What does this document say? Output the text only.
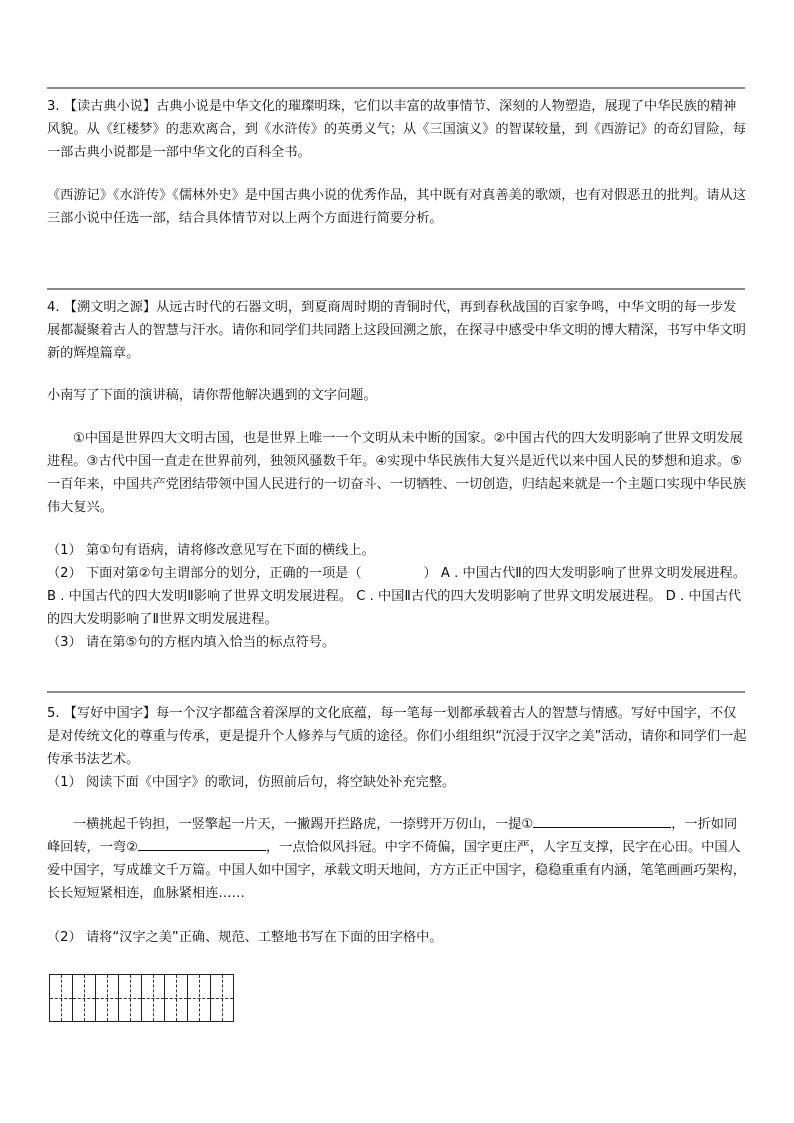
3. 【读古典小说】古典小说是中华文化的璀璨明珠，它们以丰富的故事情节、深刻的人物塑造，展现了中华民族的精神风貌。从《红楼梦》的悲欢离合，到《水浒传》的英勇义气；从《三国演义》的智谋较量，到《西游记》的奇幻冒险，每一部古典小说都是一部中华文化的百科全书。

《西游记》《水浒传》《儒林外史》是中国古典小说的优秀作品，其中既有对真善美的歌颂，也有对假恶丑的批判。请从这三部小说中任选一部，结合具体情节对以上两个方面进行简要分析。

4. 【溯文明之源】从远古时代的石器文明，到夏商周时期的青铜时代，再到春秋战国的百家争鸣，中华文明的每一步发展都凝聚着古人的智慧与汗水。请你和同学们共同踏上这段回溯之旅，在探寻中感受中华文明的博大精深，书写中华文明新的辉煌篇章。

小南写了下面的演讲稿，请你帮他解决遇到的文字问题。

①中国是世界四大文明古国，也是世界上唯一一个文明从未中断的国家。②中国古代的四大发明影响了世界文明发展进程。③古代中国一直走在世界前列，独领风骚数千年。④实现中华民族伟大复兴是近代以来中国人民的梦想和追求。⑤一百年来，中国共产党团结带领中国人民进行的一切奋斗、一切牺牲、一切创造，归结起来就是一个主题口实现中华民族伟大复兴。

（1） 第①句有语病，请将修改意见写在下面的横线上。

（2） 下面对第②句主谓部分的划分，正确的一项是（	） A . 中国古代Ⅱ的四大发明影响了世界文明发展进程。 B . 中国古代的四大发明Ⅱ影响了世界文明发展进程。 C . 中国Ⅱ古代的四大发明影响了世界文明发展进程。 D . 中国古代的四大发明影响了Ⅱ世界文明发展进程。

（3） 请在第⑤句的方框内填入恰当的标点符号。

5. 【写好中国字】每一个汉字都蕴含着深厚的文化底蕴，每一笔每一划都承载着古人的智慧与情感。写好中国字，不仅是对传统文化的尊重与传承，更是提升个人修养与气质的途径。你们小组组织“沉浸于汉字之美”活动，请你和同学们一起传承书法艺术。

（1） 阅读下面《中国字》的歌词，仿照前后句，将空缺处补充完整。

一横挑起千钧担，一竖擎起一片天，一撇踢开拦路虎，一捺劈开万仞山，一提①	，一折如同峰回转，一弯②	，一点恰似风抖冠。中字不倚偏，国字更庄严，人字互支撑，民字在心田。中国人爱中国字，写成雄文千万篇。中国人如中国字，承载文明天地间，方方正正中国字，稳稳重重有内涵，笔笔画画巧架构，长长短短紧相连，血脉紧相连……

（2） 请将“汉字之美”正确、规范、工整地书写在下面的田字格中。
